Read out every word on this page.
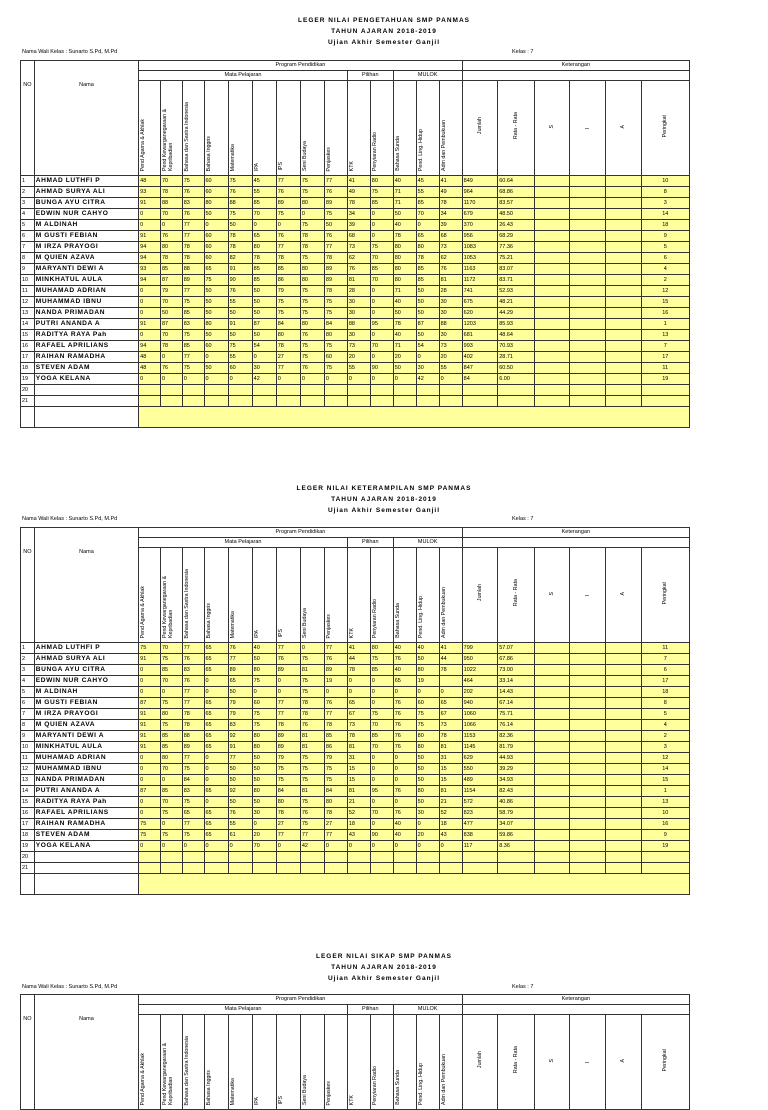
LEGER NILAI PENGETAHUAN SMP PANMAS
TAHUN AJARAN 2018-2019
Ujian Akhir Semester Ganjil
Nama Wali Kelas : Sunarto S.Pd, M.Pd	Kelas : 7
NO	Nama	Program Pendidikan														Keterangan					
		Mata Pelajaran									Pilihan		MULOK								
		Pend Agama & Akhlak	Pend Kewarganegaraan & Kepribadian	Bahasa dan Sastra Indonesia	Bahasa Inggris	Matematika	IPA	IPS	Seni Budaya	Penjaskes	KTK	Penyiaran Radio	Bahasa Sunda	Pend. Ling. Hidup	Adm dan Pembukuan	Jumlah	Rata - Rata	S	I	A	Peringkat
1	AHMAD LUTHFI P	48	70	75	60	75	45	77	75	77	41	80	40	45	41	849	60.64				10
2	AHMAD SURYA ALI	93	78	76	60	76	55	76	75	76	49	75	71	55	49	964	68.86				8
3	BUNGA AYU CITRA	91	88	83	80	88	85	89	80	89	78	85	71	85	78	1170	83.57				3
4	EDWIN NUR CAHYO	0	70	76	50	75	70	75	0	75	34	0	50	70	34	679	48.50				14
5	M ALDINAH	0	0	77	0	50	0	0	75	50	39	0	40	0	39	370	26.43				18
6	M GUSTI FEBIAN	91	76	77	60	78	65	76	78	76	68	0	78	65	68	956	68.29				9
7	M IRZA PRAYOGI	94	80	78	60	78	80	77	78	77	73	75	80	80	73	1083	77.36				5
8	M QUIEN AZAVA	94	78	78	60	82	78	78	75	78	62	70	80	78	62	1053	75.21				6
9	MARYANTI DEWI A	93	85	88	65	91	85	85	80	89	76	85	80	85	76	1163	83.07				4
10	MINKHATUL AULA	94	87	89	75	90	85	86	80	89	81	70	80	85	81	1172	83.71				2
11	MUHAMAD ADRIAN	0	79	77	50	76	50	79	75	78	28	0	71	50	28	741	52.93				12
12	MUHAMMAD IBNU	0	70	75	50	55	50	75	75	75	30	0	40	50	30	675	48.21				15
13	NANDA PRIMADAN	0	50	85	50	50	50	75	75	75	30	0	50	50	30	620	44.29				16
14	PUTRI ANANDA A	91	87	83	80	91	87	84	80	84	88	95	78	87	88	1203	85.93				1
15	RADITYA RAYA Pah	0	70	75	50	50	50	80	76	80	30	0	40	50	30	681	48.64				13
16	RAFAEL APRILIANS	94	78	85	60	75	54	78	75	75	73	70	71	54	73	993	70.93				7
17	RAIHAN RAMADHA	48	0	77	0	55	0	27	75	60	20	0	20	0	20	402	28.71				17
18	STEVEN ADAM	48	76	75	50	60	30	77	76	75	55	90	50	30	55	847	60.50				11
19	YOGA KELANA	0	0	0	0	0	42	0	0	0	0	0	0	42	0	84	6.00				19
20																					
21																					

LEGER NILAI KETERAMPILAN SMP PANMAS
TAHUN AJARAN 2018-2019
Ujian Akhir Semester Ganjil
Nama Wali Kelas : Sunarto S.Pd, M.Pd	Kelas : 7
NO	Nama	Program Pendidikan														Keterangan					
		Mata Pelajaran									Pilihan		MULOK								
		Pend Agama & Akhlak	Pend Kewarganegaraan & Kepribadian	Bahasa dan Sastra Indonesia	Bahasa Inggris	Matematika	IPA	IPS	Seni Budaya	Penjaskes	KTK	Penyiaran Radio	Bahasa Sunda	Pend. Ling. Hidup	Adm dan Pembukuan	Jumlah	Rata - Rata	S	I	A	Peringkat
1	AHMAD LUTHFI P	75	70	77	65	76	40	77	0	77	41	80	40	40	41	799	57.07				11
2	AHMAD SURYA ALI	91	75	76	65	77	50	76	75	76	44	75	76	50	44	950	67.86				7
3	BUNGA AYU CITRA	0	85	83	65	89	80	89	81	89	78	85	40	80	78	1022	73.00				6
4	EDWIN NUR CAHYO	0	70	76	0	65	75	0	75	19	0	0	65	19		464	33.14				17
5	M ALDINAH	0	0	77	0	50	0	0	75	0	0	0	0	0	0	202	14.43				18
6	M GUSTI FEBIAN	87	75	77	65	79	60	77	78	76	65	0	76	60	65	940	67.14				8
7	M IRZA PRAYOGI	91	80	78	65	79	75	77	78	77	67	75	76	75	67	1060	75.71				5
8	M QUIEN AZAVA	91	75	78	65	83	75	78	76	78	73	70	76	75	73	1066	76.14				4
9	MARYANTI DEWI A	91	85	88	65	92	80	89	81	85	78	85	76	80	78	1153	82.36				2
10	MINKHATUL AULA	91	85	89	65	91	80	89	81	86	81	70	76	80	81	1145	81.79				3
11	MUHAMAD ADRIAN	0	80	77	0	77	50	79	75	79	31	0	0	50	31	629	44.93				12
12	MUHAMMAD IBNU	0	70	75	0	50	50	75	75	75	15	0	0	50	15	550	39.29				14
13	NANDA PRIMADAN	0	0	84	0	50	50	75	75	75	15	0	0	50	15	489	34.93				15
14	PUTRI ANANDA A	87	85	83	65	92	80	84	81	84	81	95	76	80	81	1154	82.43				1
15	RADITYA RAYA Pah	0	70	75	0	50	50	80	75	80	21	0	0	50	21	572	40.86				13
16	RAFAEL APRILIANS	0	75	65	65	76	30	78	76	78	52	70	76	30	52	823	58.79				10
17	RAIHAN RAMADHA	75	0	77	65	55	0	27	75	27	18	0	40	0	18	477	34.07				16
18	STEVEN ADAM	75	75	75	65	61	20	77	77	77	43	90	40	20	43	838	59.86				9
19	YOGA KELANA	0	0	0	0	0	70	0	42	0	0	0	0	0	0	117	8.36				19
20																					
21																					

LEGER NILAI SIKAP SMP PANMAS
TAHUN AJARAN 2018-2019
Ujian Akhir Semester Ganjil
Nama Wali Kelas : Sunarto S.Pd, M.Pd	Kelas : 7
NO	Nama	Program Pendidikan														Keterangan					
		Mata Pelajaran									Pilihan		MULOK								
		Pend Agama & Akhlak	Pend Kewarganegaraan & Kepribadian	Bahasa dan Sastra Indonesia	Bahasa Inggris	Matematika	IPA	IPS	Seni Budaya	Penjaskes	KTK	Penyiaran Radio	Bahasa Sunda	Pend. Ling. Hidup	Adm dan Pembukuan	Jumlah	Rata - Rata	S	I	A	Peringkat
